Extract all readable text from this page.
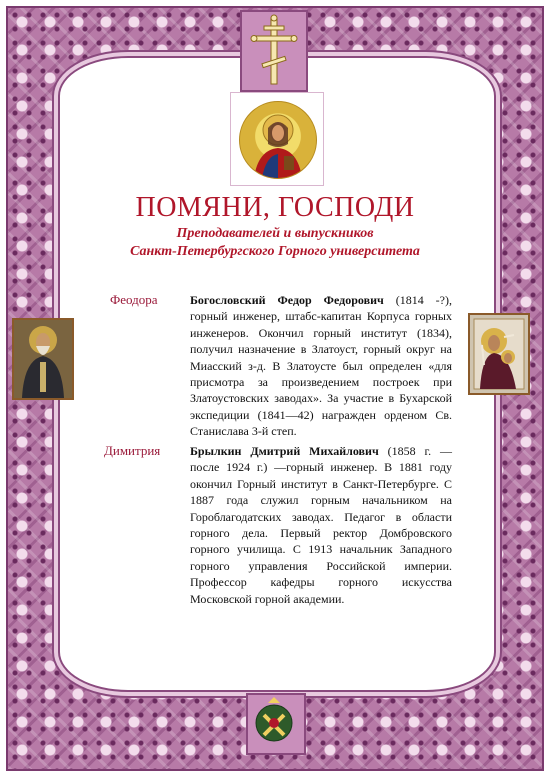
ПОМЯНИ, ГОСПОДИ
Преподавателей и выпускников
Санкт-Петербургского Горного университета
Феодора	Богословский Федор Федорович (1814 -?), горный инженер, штабс-капитан Корпуса горных инженеров. Окончил горный институт (1834), получил назначение в Златоуст, горный округ на Миасский з-д. В Златоусте был определен «для присмотра за произведением построек при Златоустовских заводах». За участие в Бухарской экспедиции (1841—42) награжден орденом Св. Станислава 3-й степ.
Димитрия Брылкин Дмитрий Михайлович (1858 г. — после 1924 г.) —горный инженер. В 1881 году окончил Горный институт в Санкт-Петербурге. С 1887 года служил горным начальником на Гороблагодатских заводах. Педагог в области горного дела. Первый ректор Домбровского горного училища. С 1913 начальник Западного горного управления Российской империи. Профессор кафедры горного искусства Московской горной академии.
